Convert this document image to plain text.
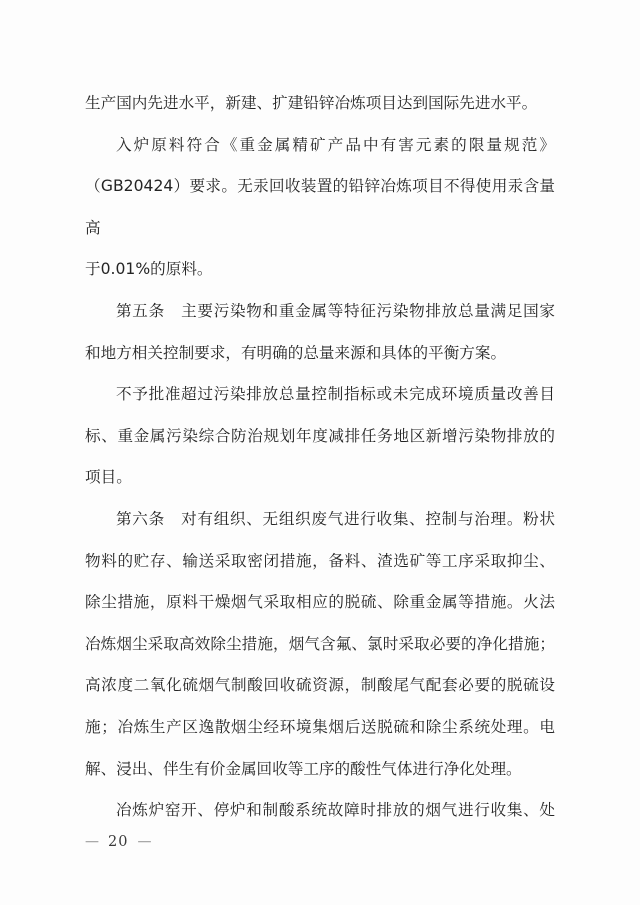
生产国内先进水平，新建、扩建铅锌冶炼项目达到国际先进水平。

入炉原料符合《重金属精矿产品中有害元素的限量规范》

（GB20424）要求。无汞回收装置的铅锌冶炼项目不得使用汞含量高

于0.01%的原料。

第五条　主要污染物和重金属等特征污染物排放总量满足国家

和地方相关控制要求，有明确的总量来源和具体的平衡方案。

不予批准超过污染排放总量控制指标或未完成环境质量改善目

标、重金属污染综合防治规划年度减排任务地区新增污染物排放的

项目。

第六条　对有组织、无组织废气进行收集、控制与治理。粉状

物料的贮存、输送采取密闭措施，备料、渣选矿等工序采取抑尘、

除尘措施，原料干燥烟气采取相应的脱硫、除重金属等措施。火法

冶炼烟尘采取高效除尘措施，烟气含氟、氯时采取必要的净化措施；

高浓度二氧化硫烟气制酸回收硫资源，制酸尾气配套必要的脱硫设

施；冶炼生产区逸散烟尘经环境集烟后送脱硫和除尘系统处理。电

解、浸出、伴生有价金属回收等工序的酸性气体进行净化处理。

冶炼炉窑开、停炉和制酸系统故障时排放的烟气进行收集、处

— 20 —
